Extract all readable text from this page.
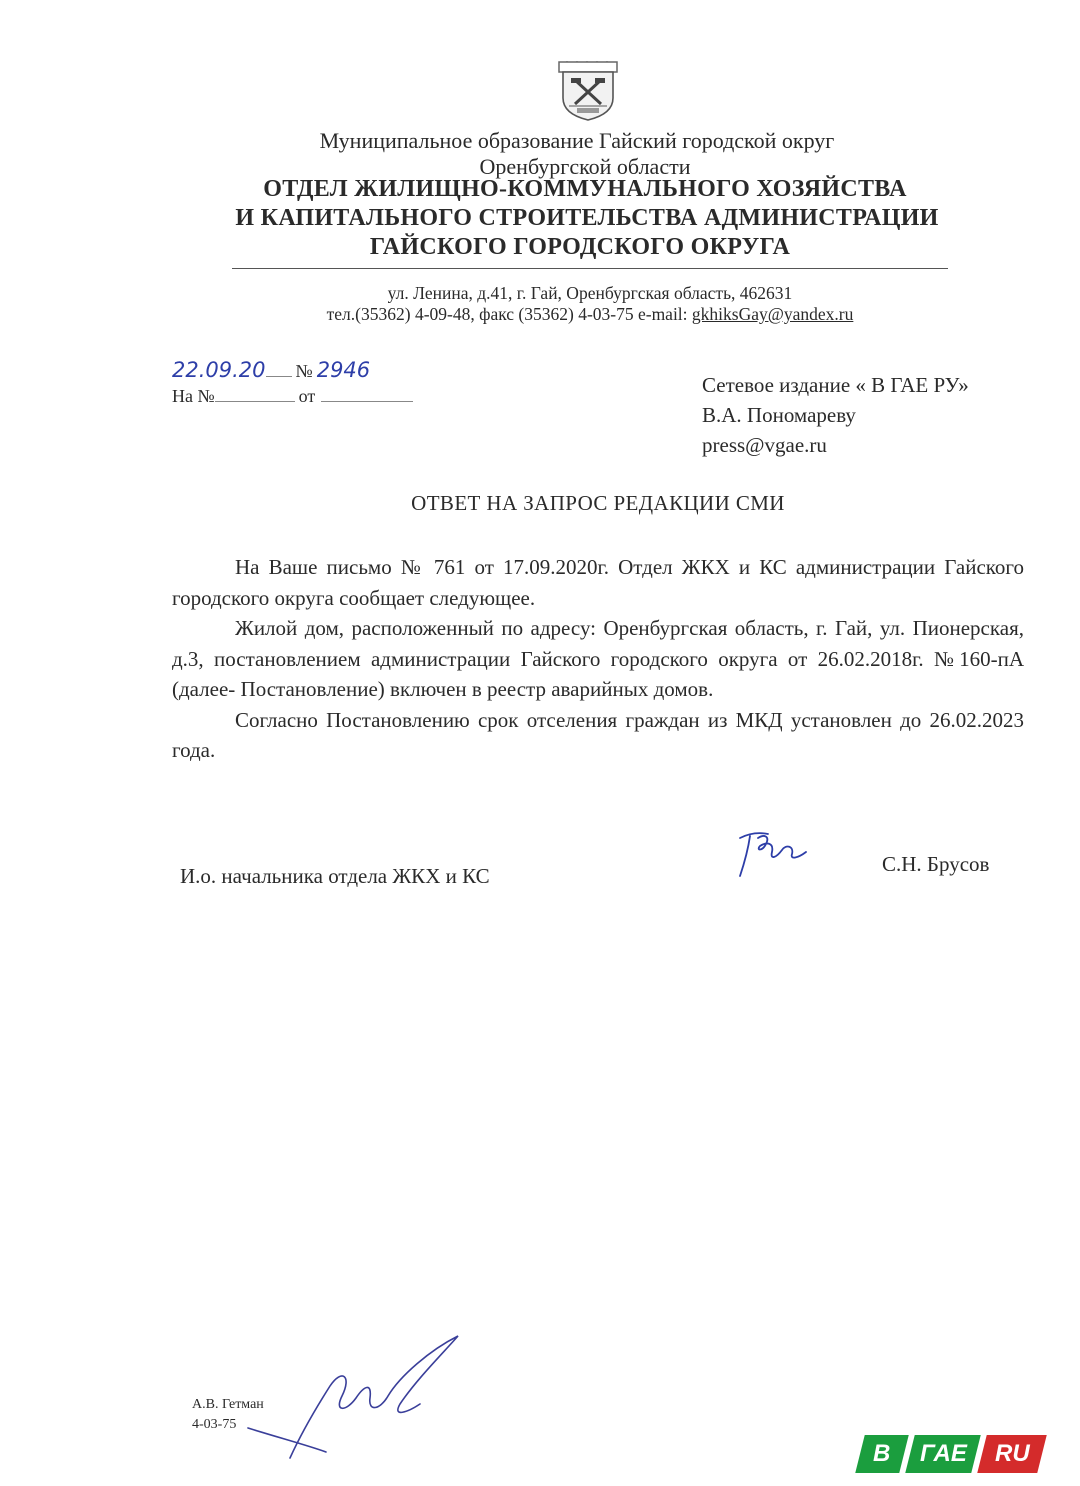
Муниципальное образование Гайский городской округ
Оренбургской области
ОТДЕЛ ЖИЛИЩНО-КОММУНАЛЬНОГО ХОЗЯЙСТВА
И КАПИТАЛЬНОГО СТРОИТЕЛЬСТВА АДМИНИСТРАЦИИ
ГАЙСКОГО ГОРОДСКОГО ОКРУГА
ул. Ленина, д.41, г. Гай, Оренбургская область, 462631
тел.(35362) 4-09-48, факс (35362) 4-03-75 e-mail: gkhiksGay@yandex.ru
22.09.20 № 2946
На №	от	Сетевое издание « В ГАЕ РУ»
В.А. Пономареву
press@vgae.ru
ОТВЕТ НА ЗАПРОС РЕДАКЦИИ СМИ

На Ваше письмо № 761 от 17.09.2020г. Отдел ЖКХ и КС администрации Гайского городского округа сообщает следующее.

Жилой дом, расположенный по адресу: Оренбургская область, г. Гай, ул. Пионерская, д.3, постановлением администрации Гайского городского округа от 26.02.2018г. №160-пА (далее- Постановление) включен в реестр аварийных домов.

Согласно Постановлению срок отселения граждан из МКД установлен до 26.02.2023 года.

И.о. начальника отдела ЖКХ и КС	С.Н. Брусов
А.В. Гетман
4-03-75
В ГАЕ RU
